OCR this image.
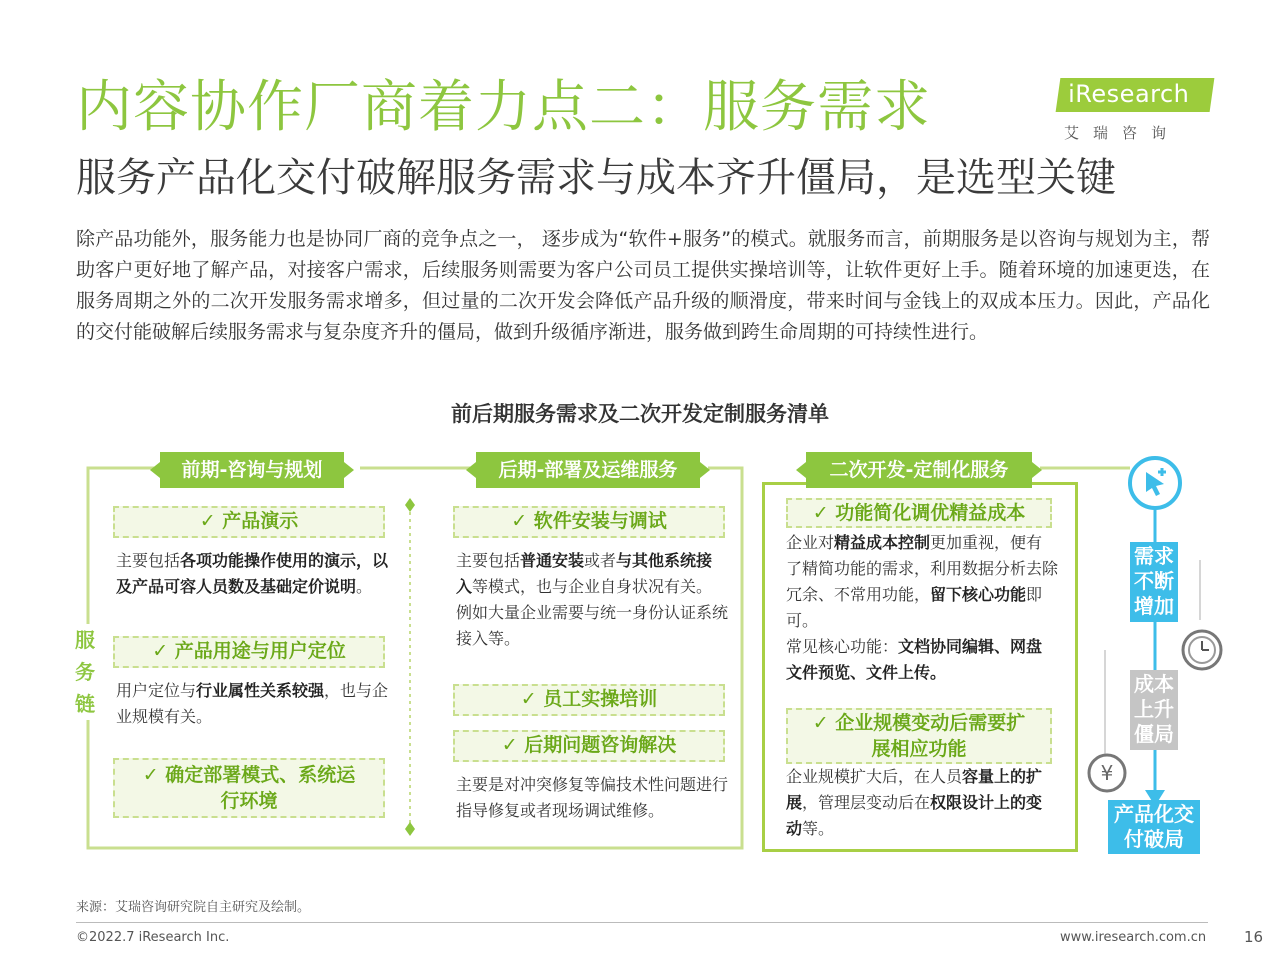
内容协作厂商着力点二：服务需求
服务产品化交付破解服务需求与成本齐升僵局，是选型关键
iResearch
艾瑞咨询
除产品功能外，服务能力也是协同厂商的竞争点之一， 逐步成为“软件+服务”的模式。就服务而言，前期服务是以咨询与规划为主，帮助客户更好地了解产品，对接客户需求，后续服务则需要为客户公司员工提供实操培训等，让软件更好上手。随着环境的加速更迭，在服务周期之外的二次开发服务需求增多，但过量的二次开发会降低产品升级的顺滑度，带来时间与金钱上的双成本压力。因此，产品化的交付能破解后续服务需求与复杂度齐升的僵局，做到升级循序渐进，服务做到跨生命周期的可持续性进行。
前后期服务需求及二次开发定制服务清单
服
务
链
前期-咨询与规划
✓ 产品演示
主要包括各项功能操作使用的演示，以及产品可容人员数及基础定价说明。
✓ 产品用途与用户定位
用户定位与行业属性关系较强，也与企业规模有关。
✓ 确定部署模式、系统运
行环境
后期-部署及运维服务
✓ 软件安装与调试
主要包括普通安装或者与其他系统接入等模式，也与企业自身状况有关。例如大量企业需要与统一身份认证系统接入等。
✓ 员工实操培训
✓ 后期问题咨询解决
主要是对冲突修复等偏技术性问题进行指导修复或者现场调试维修。
二次开发-定制化服务
✓ 功能简化调优精益成本
企业对精益成本控制更加重视，便有了精简功能的需求，利用数据分析去除冗余、不常用功能，留下核心功能即可。
常见核心功能：文档协同编辑、网盘文件预览、文件上传。
✓ 企业规模变动后需要扩
展相应功能
企业规模扩大后，在人员容量上的扩展，管理层变动后在权限设计上的变动等。
需求
不断
增加
成本
上升
僵局
¥
产品化交
付破局
来源：艾瑞咨询研究院自主研究及绘制。
©2022.7 iResearch Inc.	www.iresearch.com.cn	16
